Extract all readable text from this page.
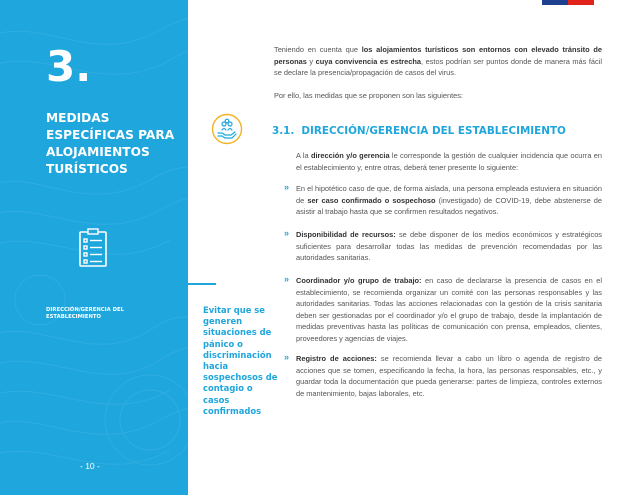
3.
MEDIDAS ESPECÍFICAS PARA ALOJAMIENTOS TURÍSTICOS
DIRECCIÓN/GERENCIA DEL ESTABLECIMIENTO
- 10 -
Evitar que se generen situaciones de pánico o discriminación hacia sospechosos de contagio o casos confirmados

Teniendo en cuenta que los alojamientos turísticos son entornos con elevado tránsito de personas y cuya convivencia es estrecha, estos podrían ser puntos donde de manera más fácil se declare la presencia/propagación de casos del virus.

Por ello, las medidas que se proponen son las siguientes:

3.1. DIRECCIÓN/GERENCIA DEL ESTABLECIMIENTO

A la dirección y/o gerencia le corresponde la gestión de cualquier incidencia que ocurra en el establecimiento y, entre otras, deberá tener presente lo siguiente:

» En el hipotético caso de que, de forma aislada, una persona empleada estuviera en situación de ser caso confirmado o sospechoso (investigado) de COVID-19, debe abstenerse de asistir al trabajo hasta que se confirmen resultados negativos.

» Disponibilidad de recursos: se debe disponer de los medios económicos y estratégicos suficientes para desarrollar todas las medidas de prevención recomendadas por las autoridades sanitarias.

» Coordinador y/o grupo de trabajo: en caso de declararse la presencia de casos en el establecimiento, se recomienda organizar un comité con las personas responsables y las autoridades sanitarias. Todas las acciones relacionadas con la gestión de la crisis sanitaria deben ser gestionadas por el coordinador y/o el grupo de trabajo, desde la implantación de medidas preventivas hasta las políticas de comunicación con prensa, empleados, clientes, proveedores y agencias de viajes.

» Registro de acciones: se recomienda llevar a cabo un libro o agenda de registro de acciones que se tomen, especificando la fecha, la hora, las personas responsables, etc., y guardar toda la documentación que pueda generarse: partes de limpieza, controles externos de mantenimiento, bajas laborales, etc.
